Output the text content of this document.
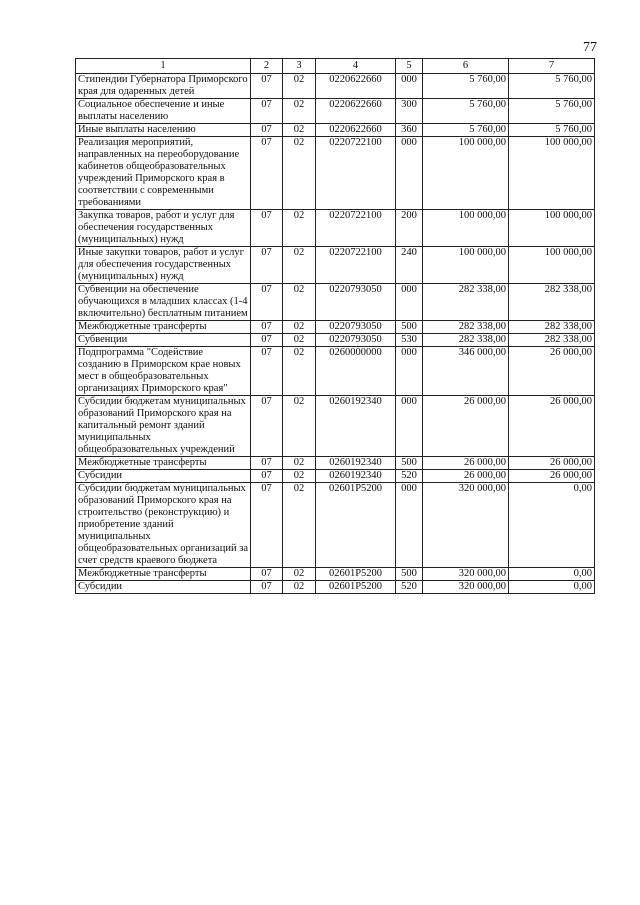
77
1	2	3	4	5	6	7
Стипендии Губернатора Приморского края для одаренных детей	07	02	0220622660	000	5 760,00	5 760,00
Социальное обеспечение и иные выплаты населению	07	02	0220622660	300	5 760,00	5 760,00
Иные выплаты населению	07	02	0220622660	360	5 760,00	5 760,00
Реализация мероприятий, направленных на переоборудование кабинетов общеобразовательных учреждений Приморского края в соответствии с современными требованиями	07	02	0220722100	000	100 000,00	100 000,00
Закупка товаров, работ и услуг для обеспечения государственных (муниципальных) нужд	07	02	0220722100	200	100 000,00	100 000,00
Иные закупки товаров, работ и услуг для обеспечения государственных (муниципальных) нужд	07	02	0220722100	240	100 000,00	100 000,00
Субвенции на обеспечение обучающихся в младших классах (1-4 включительно) бесплатным питанием	07	02	0220793050	000	282 338,00	282 338,00
Межбюджетные трансферты	07	02	0220793050	500	282 338,00	282 338,00
Субвенции	07	02	0220793050	530	282 338,00	282 338,00
Подпрограмма "Содействие созданию в Приморском крае новых мест в общеобразовательных организациях Приморского края"	07	02	0260000000	000	346 000,00	26 000,00
Субсидии бюджетам муниципальных образований Приморского края на капитальный ремонт зданий муниципальных общеобразовательных учреждений	07	02	0260192340	000	26 000,00	26 000,00
Межбюджетные трансферты	07	02	0260192340	500	26 000,00	26 000,00
Субсидии	07	02	0260192340	520	26 000,00	26 000,00
Субсидии бюджетам муниципальных образований Приморского края на строительство (реконструкцию) и приобретение зданий муниципальных общеобразовательных организаций за счет средств краевого бюджета	07	02	02601P5200	000	320 000,00	0,00
Межбюджетные трансферты	07	02	02601P5200	500	320 000,00	0,00
Субсидии	07	02	02601P5200	520	320 000,00	0,00
